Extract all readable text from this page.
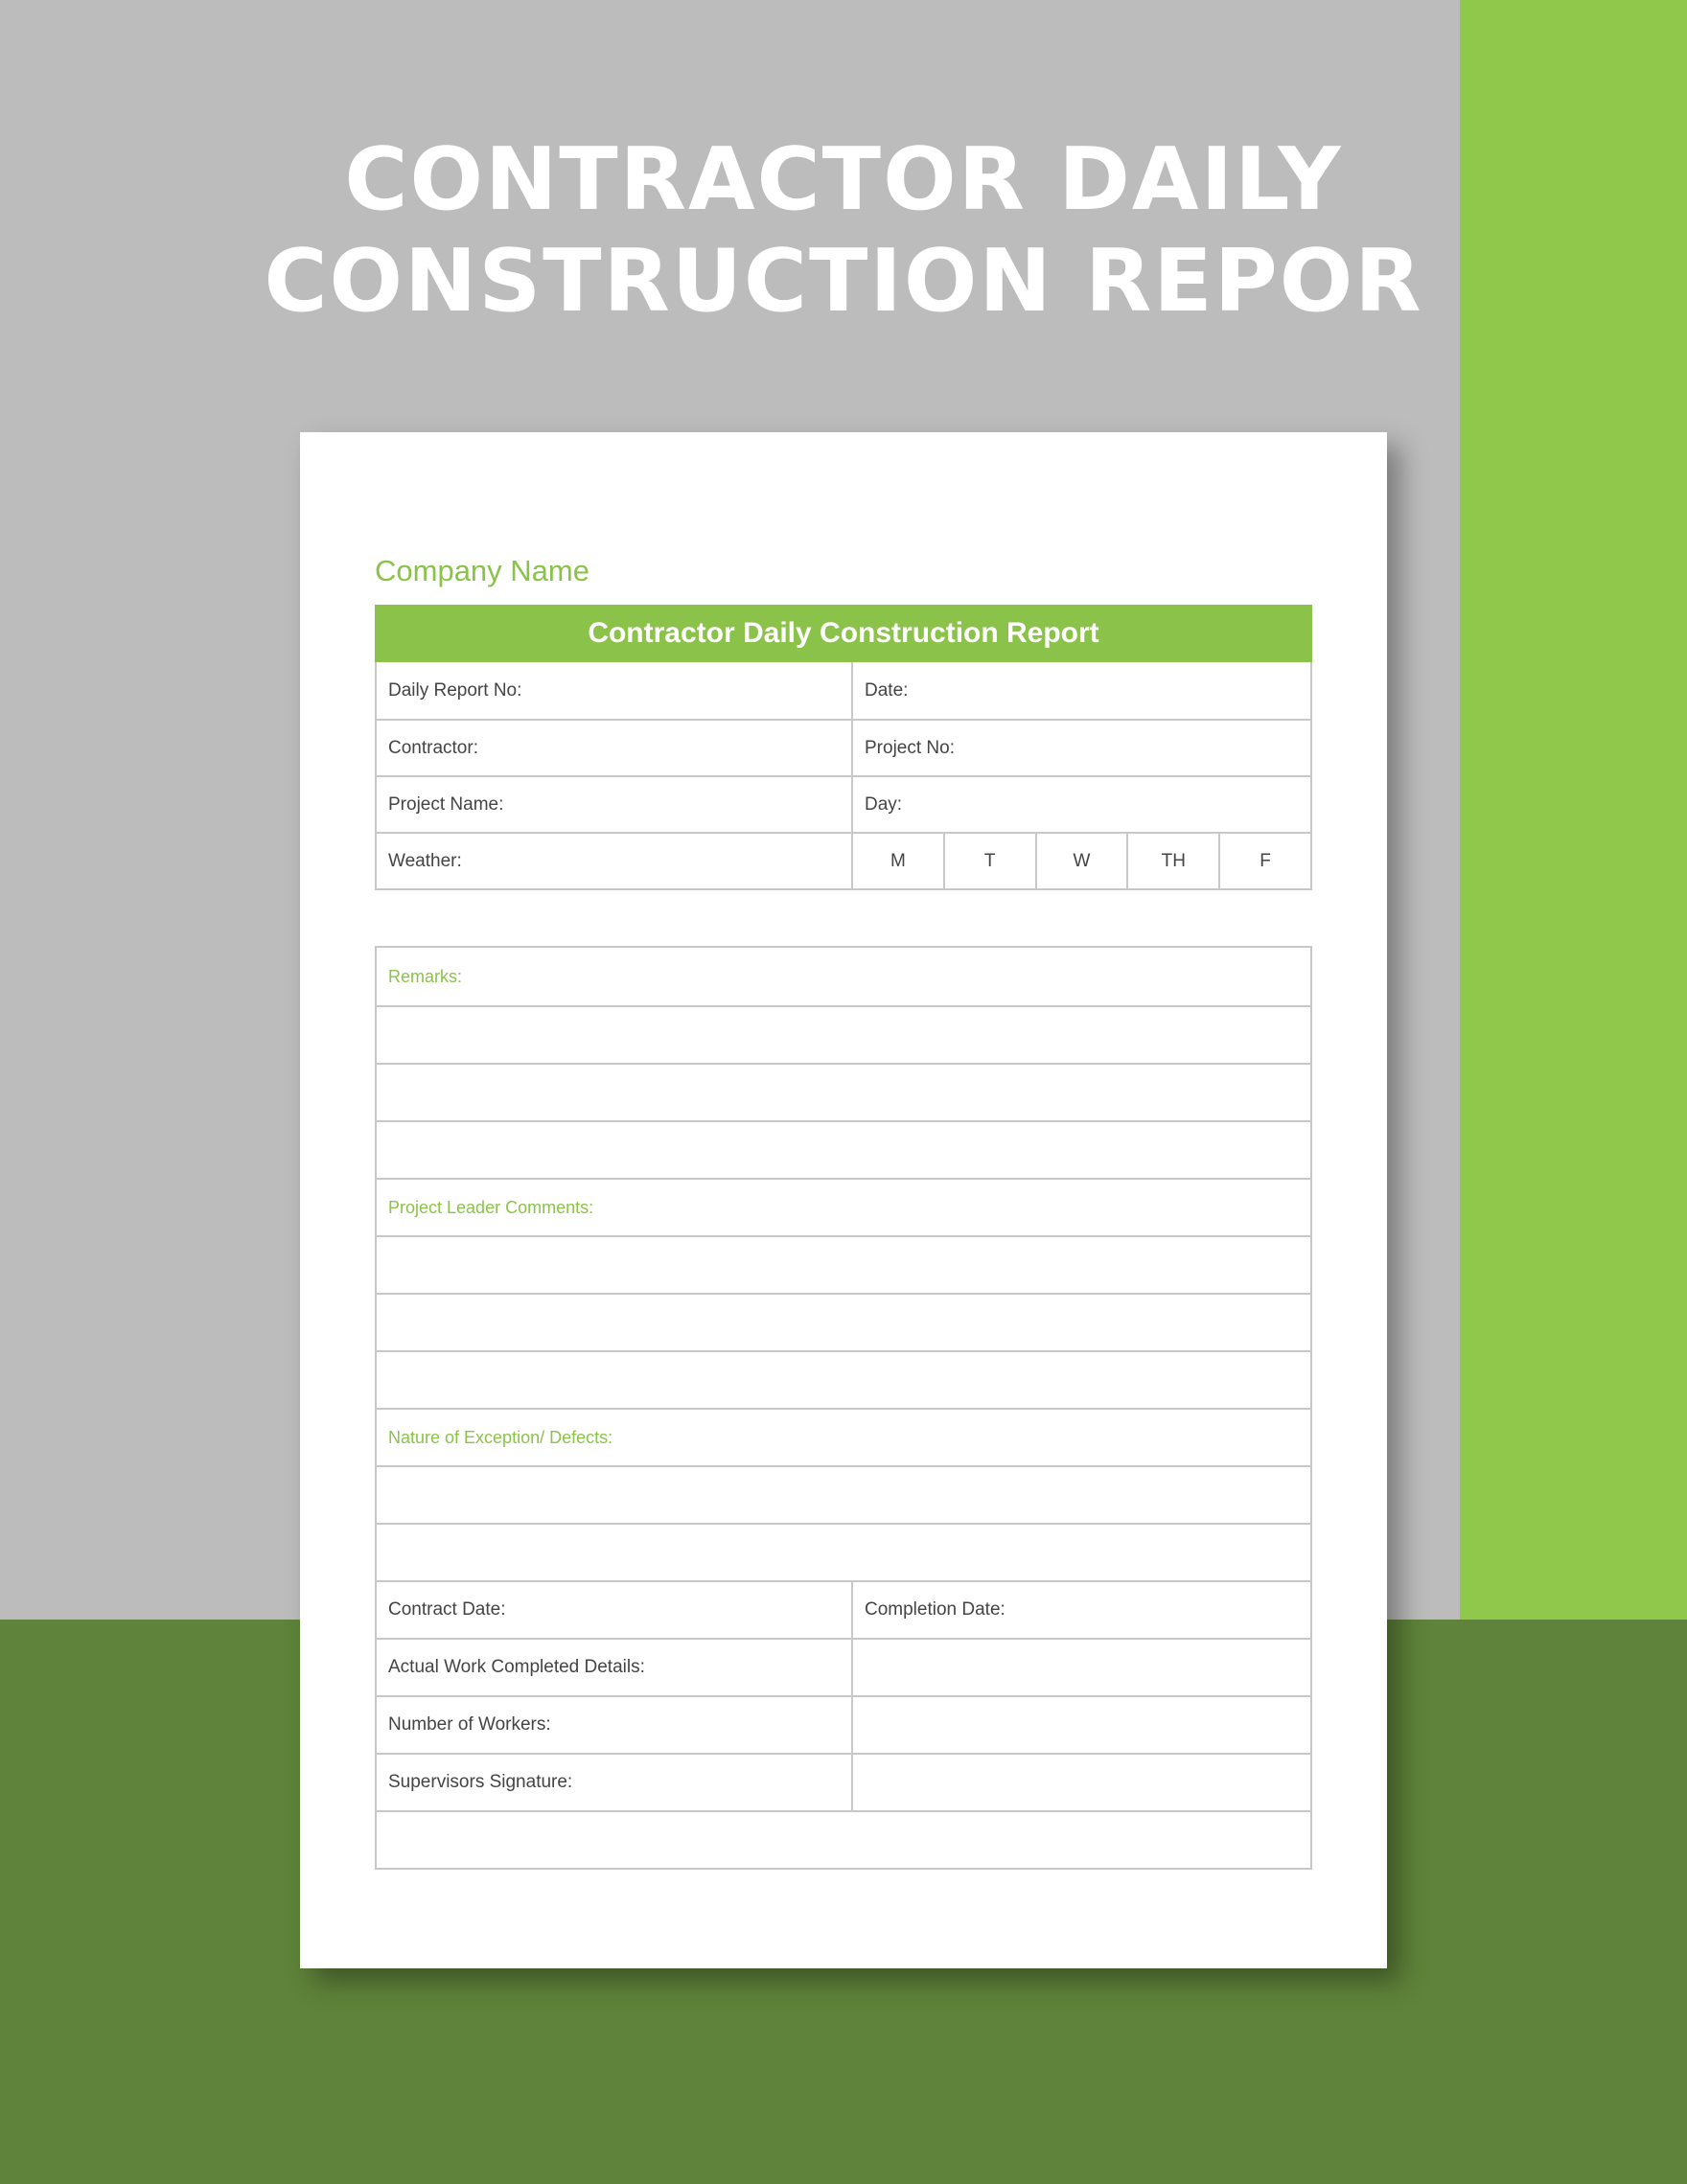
CONTRACTOR DAILY
CONSTRUCTION REPOR
Company Name
Contractor Daily Construction Report
Daily Report No:	Date:
Contractor:	Project No:
Project Name:	Day:
Weather:	M	T	W	TH	F
Remarks:
Project Leader Comments:
Nature of Exception/ Defects:
Contract Date:	Completion Date:
Actual Work Completed Details:
Number of Workers:
Supervisors Signature:
